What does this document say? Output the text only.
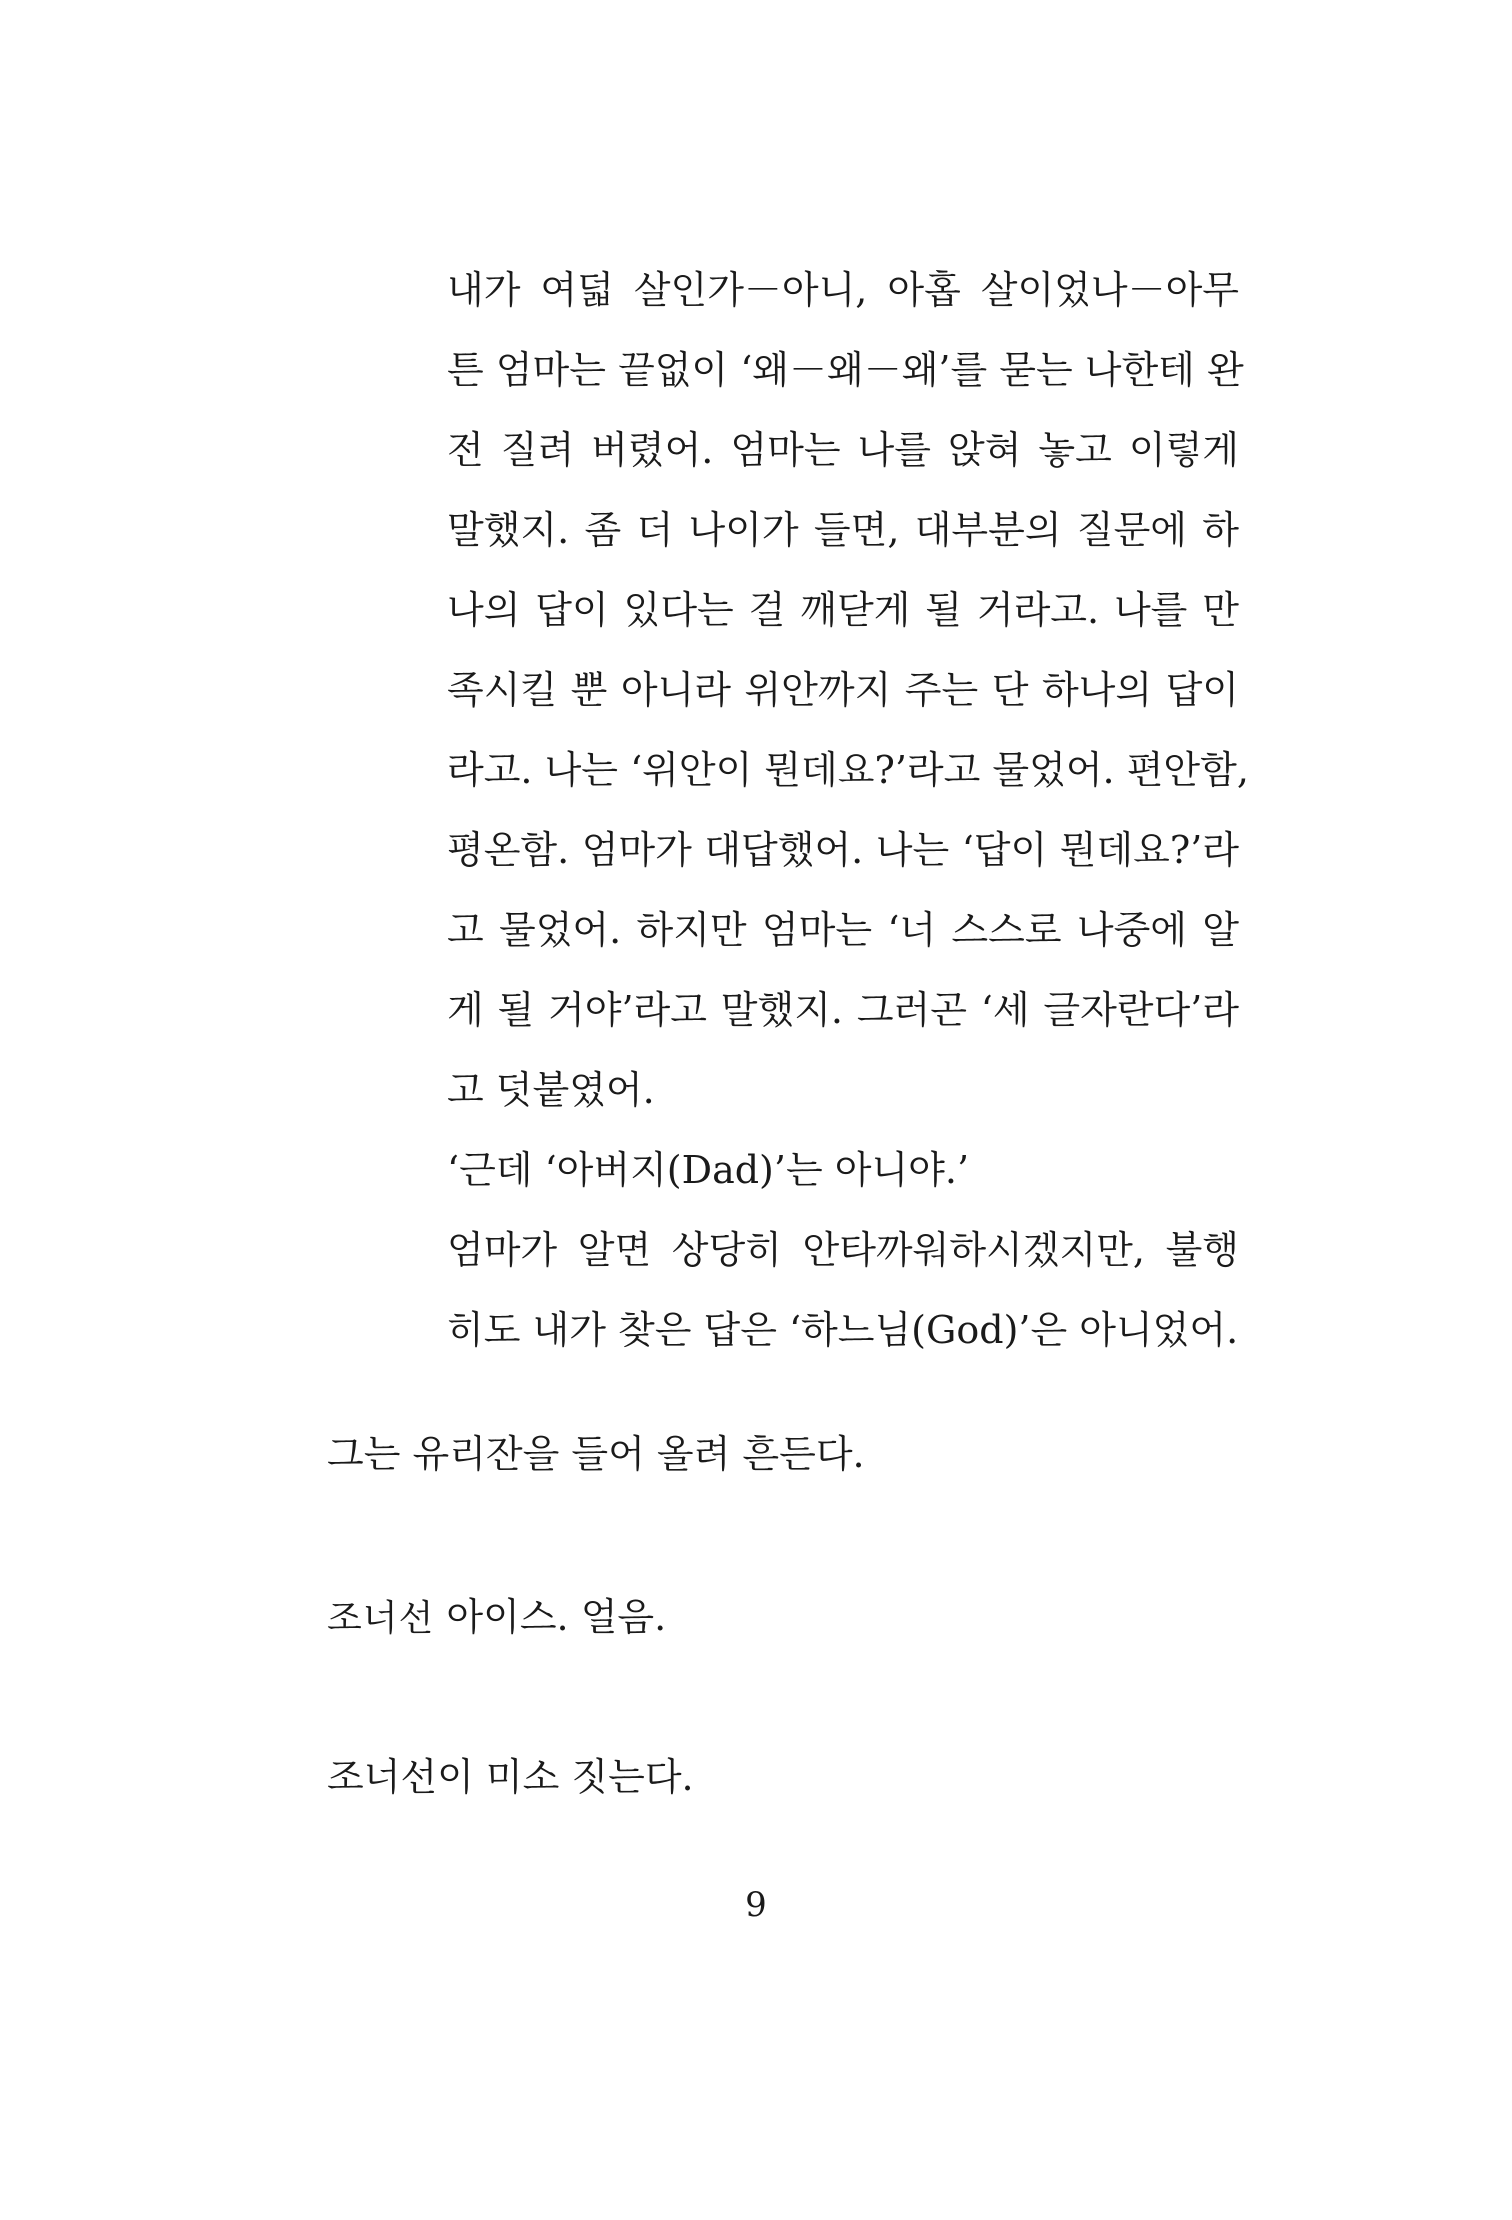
내가 여덟 살인가－아니, 아홉 살이었나－아무
튼 엄마는 끝없이 ‘왜－왜－왜’를 묻는 나한테 완
전 질려 버렸어. 엄마는 나를 앉혀 놓고 이렇게
말했지. 좀 더 나이가 들면, 대부분의 질문에 하
나의 답이 있다는 걸 깨닫게 될 거라고. 나를 만
족시킬 뿐 아니라 위안까지 주는 단 하나의 답이
라고. 나는 ‘위안이 뭔데요?’라고 물었어. 편안함,
평온함. 엄마가 대답했어. 나는 ‘답이 뭔데요?’라
고 물었어. 하지만 엄마는 ‘너 스스로 나중에 알
게 될 거야’라고 말했지. 그러곤 ‘세 글자란다’라
고 덧붙였어.
‘근데 ‘아버지(Dad)’는 아니야.’
엄마가 알면 상당히 안타까워하시겠지만, 불행
히도 내가 찾은 답은 ‘하느님(God)’은 아니었어.
그는 유리잔을 들어 올려 흔든다.
조너선 아이스. 얼음.
조너선이 미소 짓는다.
9
